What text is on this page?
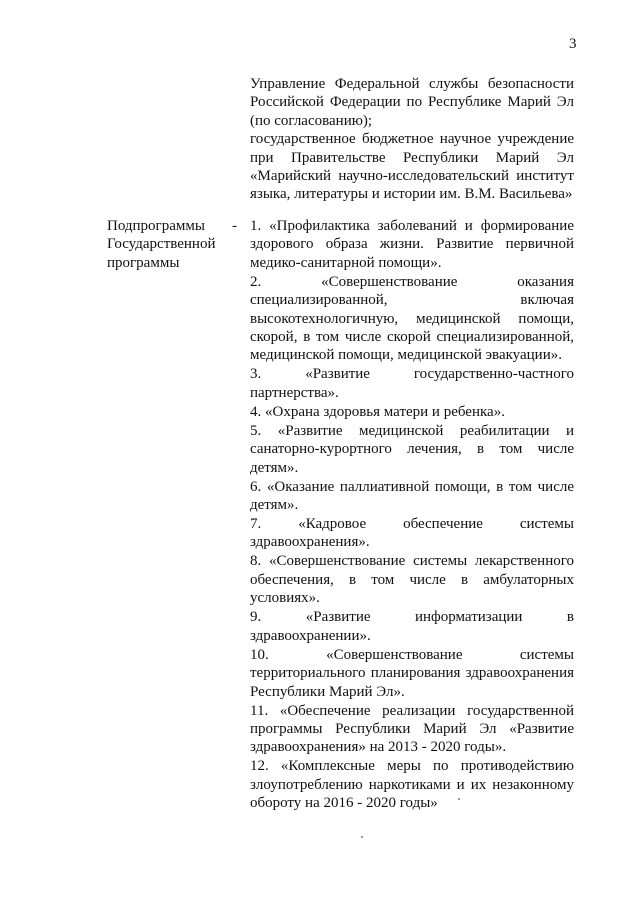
3

Управление Федеральной службы безопасности Российской Федерации по Республике Марий Эл (по согласованию);

государственное бюджетное научное учреждение при Правительстве Республики Марий Эл «Марийский научно-исследовательский институт языка, литературы и истории им. В.М. Васильева»

Подпрограммы Государственной программы
- 1. «Профилактика заболеваний и формирование здорового образа жизни. Развитие первичной медико-санитарной помощи».

2. «Совершенствование оказания специализированной, включая высокотехнологичную, медицинской помощи, скорой, в том числе скорой специализированной, медицинской помощи, медицинской эвакуации».

3. «Развитие государственно-частного партнерства».

4. «Охрана здоровья матери и ребенка».

5. «Развитие медицинской реабилитации и санаторно-курортного лечения, в том числе детям».

6. «Оказание паллиативной помощи, в том числе детям».

7. «Кадровое обеспечение системы здравоохранения».

8. «Совершенствование системы лекарственного обеспечения, в том числе в амбулаторных условиях».

9. «Развитие информатизации в здравоохранении».

10. «Совершенствование системы территориального планирования здравоохранения Республики Марий Эл».

11. «Обеспечение реализации государственной программы Республики Марий Эл «Развитие здравоохранения» на 2013 - 2020 годы».

12. «Комплексные меры по противодействию злоупотреблению наркотиками и их незаконному обороту на 2016 - 2020 годы»
